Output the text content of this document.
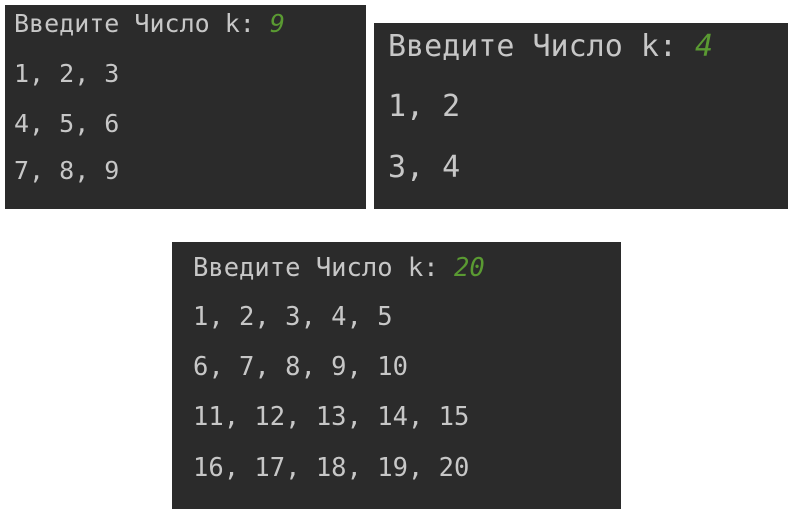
Введите Число k: 9
1, 2, 3
4, 5, 6
7, 8, 9
Введите Число k: 4
1, 2
3, 4
Введите Число k: 20
1, 2, 3, 4, 5
6, 7, 8, 9, 10
11, 12, 13, 14, 15
16, 17, 18, 19, 20
